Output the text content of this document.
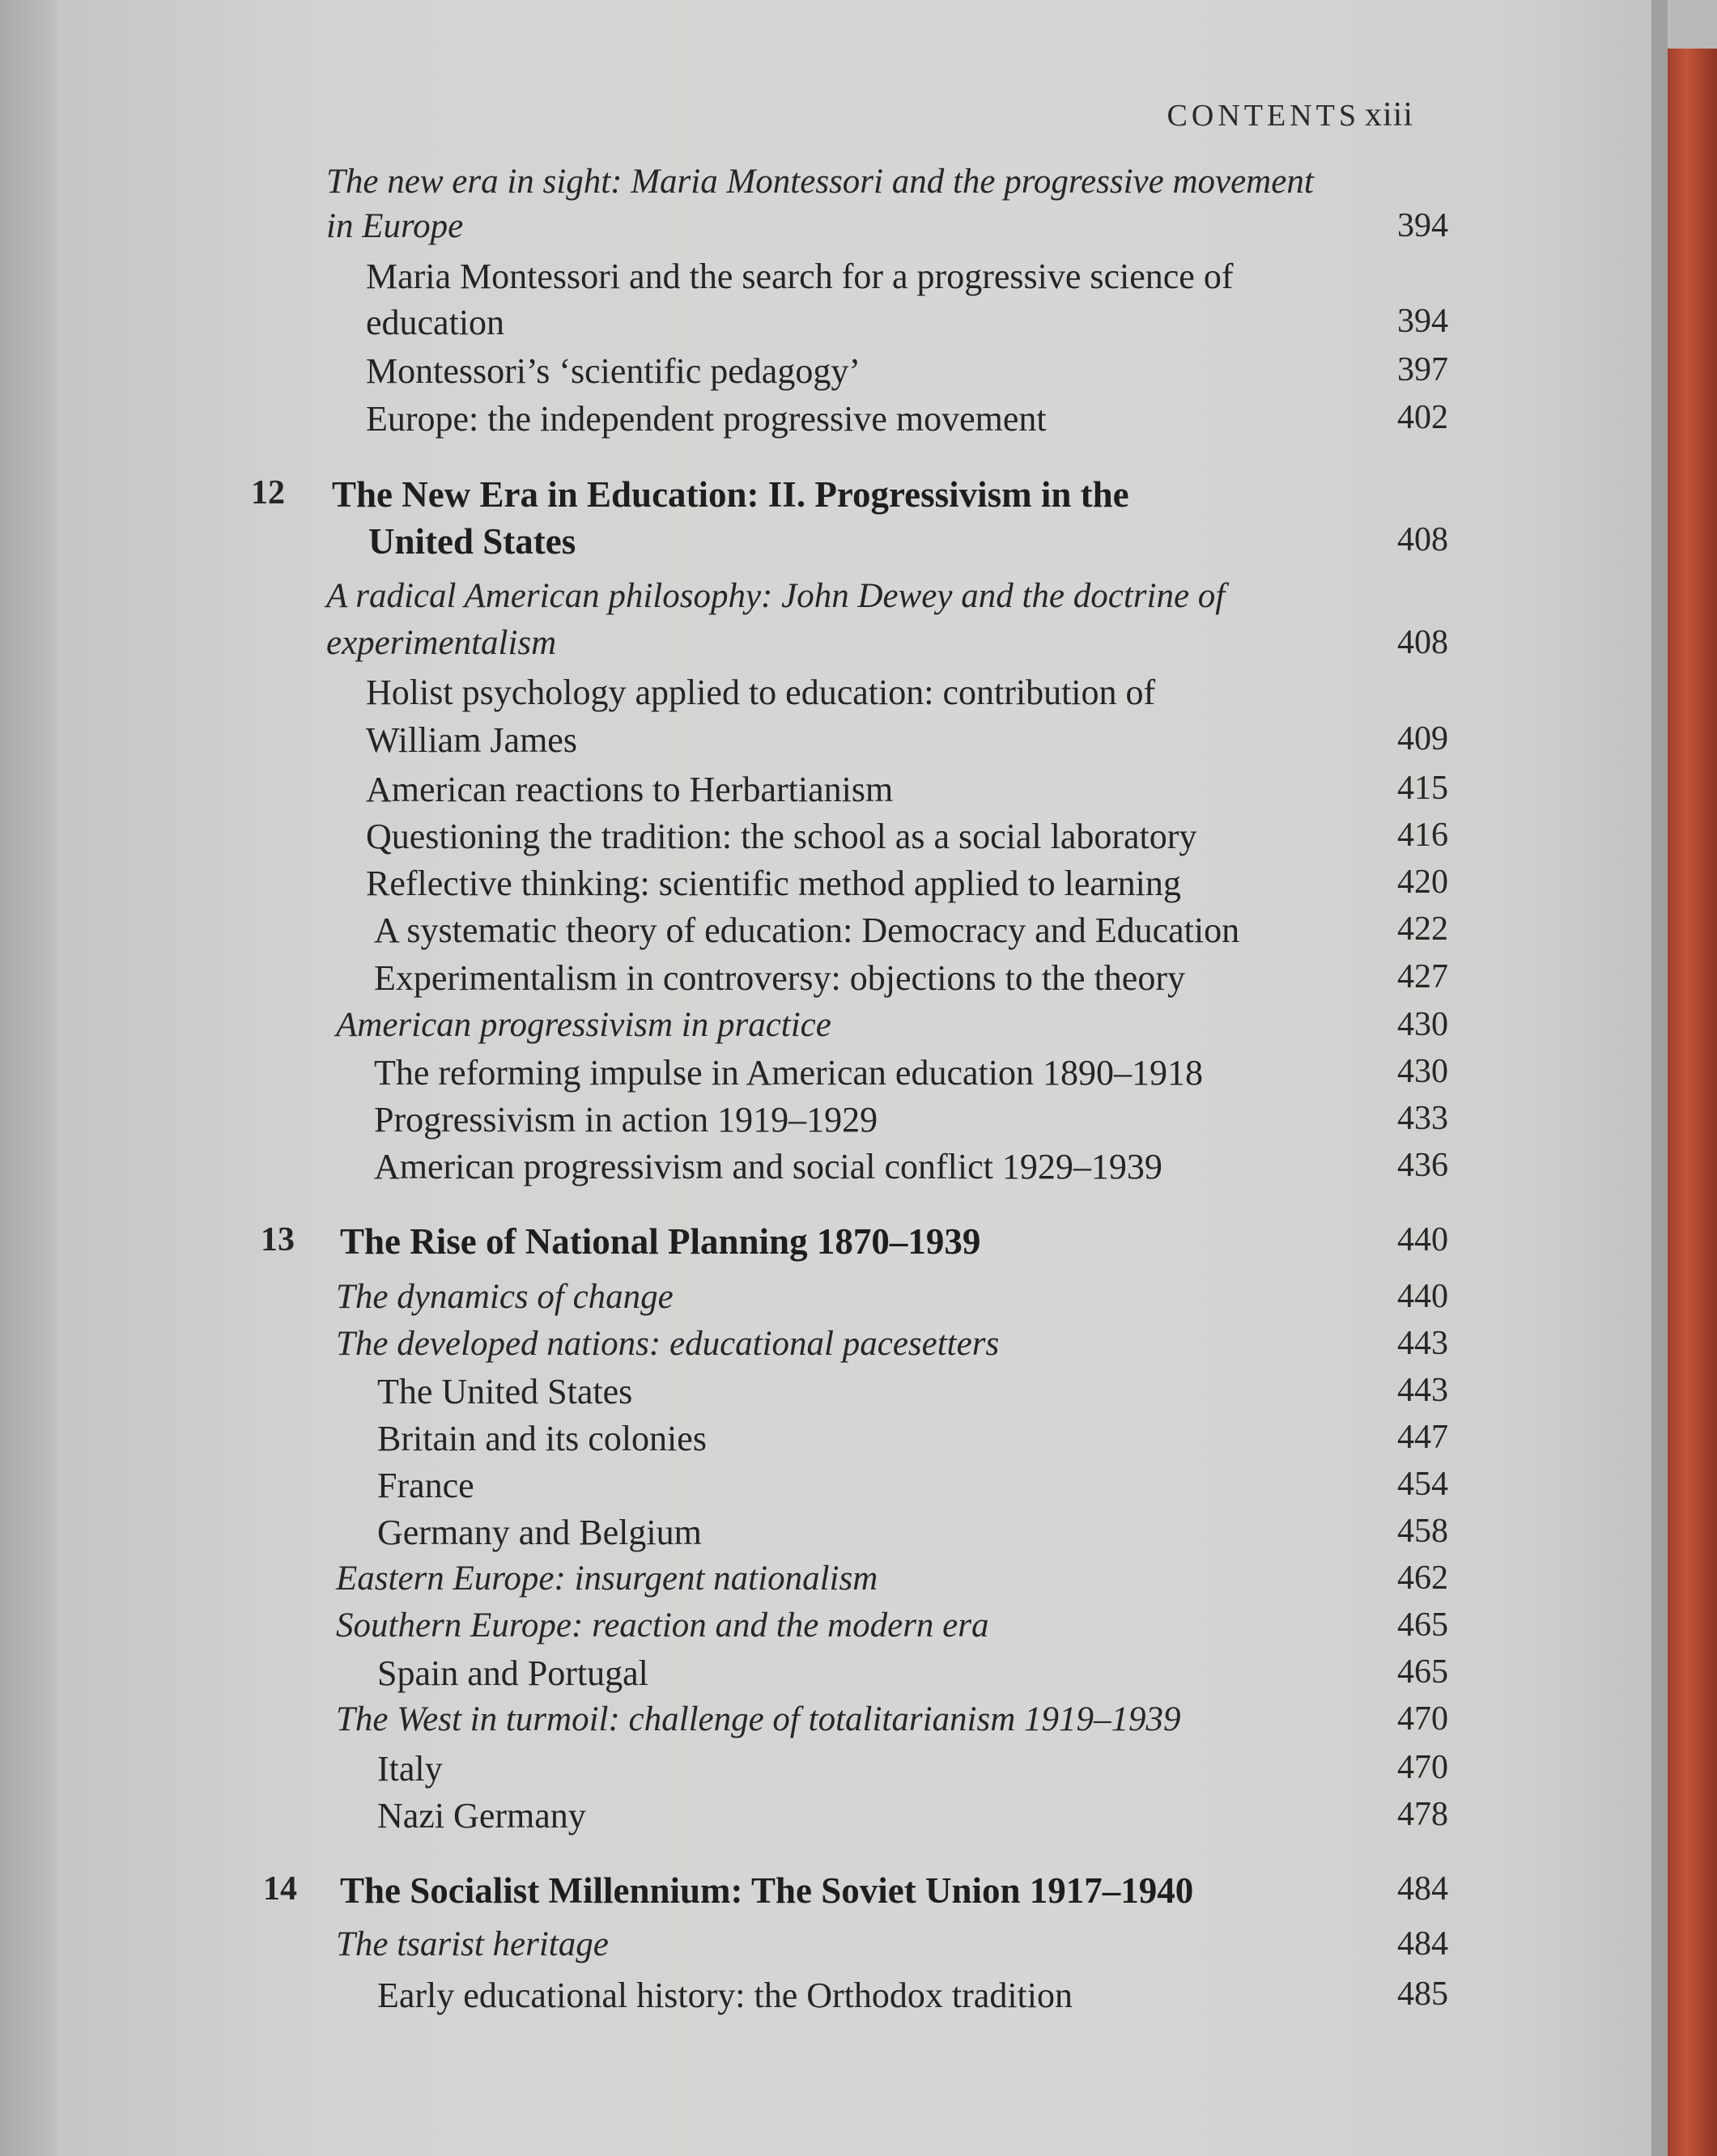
CONTENTS xiii
The new era in sight: Maria Montessori and the progressive movement
in Europe	394
Maria Montessori and the search for a progressive science of
education	394
Montessori’s ‘scientific pedagogy’	397
Europe: the independent progressive movement	402
12 The New Era in Education: II. Progressivism in the
United States	408
A radical American philosophy: John Dewey and the doctrine of
experimentalism	408
Holist psychology applied to education: contribution of
William James	409
American reactions to Herbartianism	415
Questioning the tradition: the school as a social laboratory	416
Reflective thinking: scientific method applied to learning	420
A systematic theory of education: Democracy and Education	422
Experimentalism in controversy: objections to the theory	427
American progressivism in practice	430
The reforming impulse in American education 1890–1918	430
Progressivism in action 1919–1929	433
American progressivism and social conflict 1929–1939	436
13 The Rise of National Planning 1870–1939	440
The dynamics of change	440
The developed nations: educational pacesetters	443
The United States	443
Britain and its colonies	447
France	454
Germany and Belgium	458
Eastern Europe: insurgent nationalism	462
Southern Europe: reaction and the modern era	465
Spain and Portugal	465
The West in turmoil: challenge of totalitarianism 1919–1939	470
Italy	470
Nazi Germany	478
14 The Socialist Millennium: The Soviet Union 1917–1940	484
The tsarist heritage	484
Early educational history: the Orthodox tradition	485
